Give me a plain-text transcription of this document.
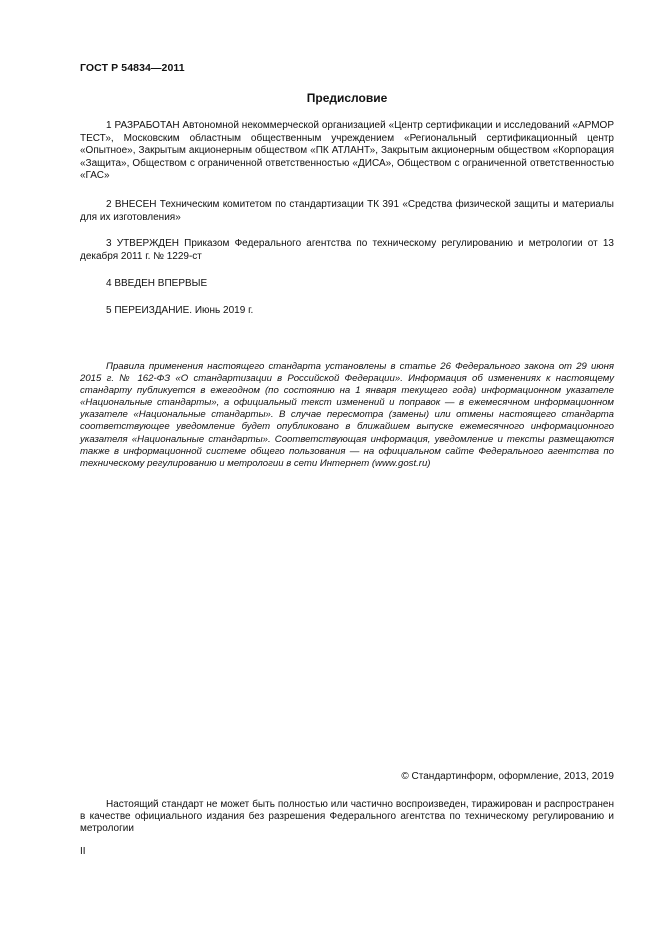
ГОСТ Р 54834—2011
Предисловие

1 РАЗРАБОТАН Автономной некоммерческой организацией «Центр сертификации и исследований «АРМОР ТЕСТ», Московским областным общественным учреждением «Региональный сертификационный центр «Опытное», Закрытым акционерным обществом «ПК АТЛАНТ», Закрытым акционерным обществом «Корпорация «Защита», Обществом с ограниченной ответственностью «ДИСА», Обществом с ограниченной ответственностью «ГАС»

2 ВНЕСЕН Техническим комитетом по стандартизации ТК 391 «Средства физической защиты и материалы для их изготовления»

3 УТВЕРЖДЕН Приказом Федерального агентства по техническому регулированию и метрологии от 13 декабря 2011 г. № 1229-ст

4 ВВЕДЕН ВПЕРВЫЕ

5 ПЕРЕИЗДАНИЕ. Июнь 2019 г.

Правила применения настоящего стандарта установлены в статье 26 Федерального закона от 29 июня 2015 г. № 162-ФЗ «О стандартизации в Российской Федерации». Информация об изменениях к настоящему стандарту публикуется в ежегодном (по состоянию на 1 января текущего года) информационном указателе «Национальные стандарты», а официальный текст изменений и поправок — в ежемесячном информационном указателе «Национальные стандарты». В случае пересмотра (замены) или отмены настоящего стандарта соответствующее уведомление будет опубликовано в ближайшем выпуске ежемесячного информационного указателя «Национальные стандарты». Соответствующая информация, уведомление и тексты размещаются также в информационной системе общего пользования — на официальном сайте Федерального агентства по техническому регулированию и метрологии в сети Интернет (www.gost.ru)

© Стандартинформ, оформление, 2013, 2019

Настоящий стандарт не может быть полностью или частично воспроизведен, тиражирован и распространен в качестве официального издания без разрешения Федерального агентства по техническому регулированию и метрологии

II
